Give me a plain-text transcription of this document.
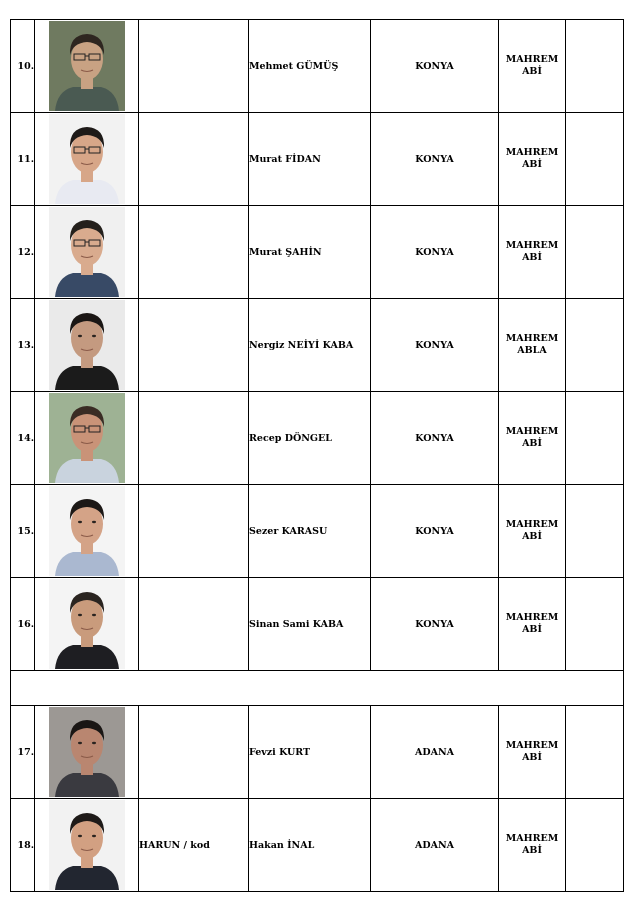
10.			Mehmet GÜMÜŞ	KONYA	MAHREM
ABİ	

11.			Murat FİDAN	KONYA	MAHREM
ABİ	

12.			Murat ŞAHİN	KONYA	MAHREM
ABİ	

13.			Nergiz NEİYİ KABA	KONYA	MAHREM
ABLA	

14.			Recep DÖNGEL	KONYA	MAHREM
ABİ	

15.			Sezer KARASU	KONYA	MAHREM
ABİ	

16.			Sinan Sami KABA	KONYA	MAHREM
ABİ	

17.			Fevzi KURT	ADANA	MAHREM
ABİ	

18.		HARUN / kod	Hakan İNAL	ADANA	MAHREM
ABİ	
